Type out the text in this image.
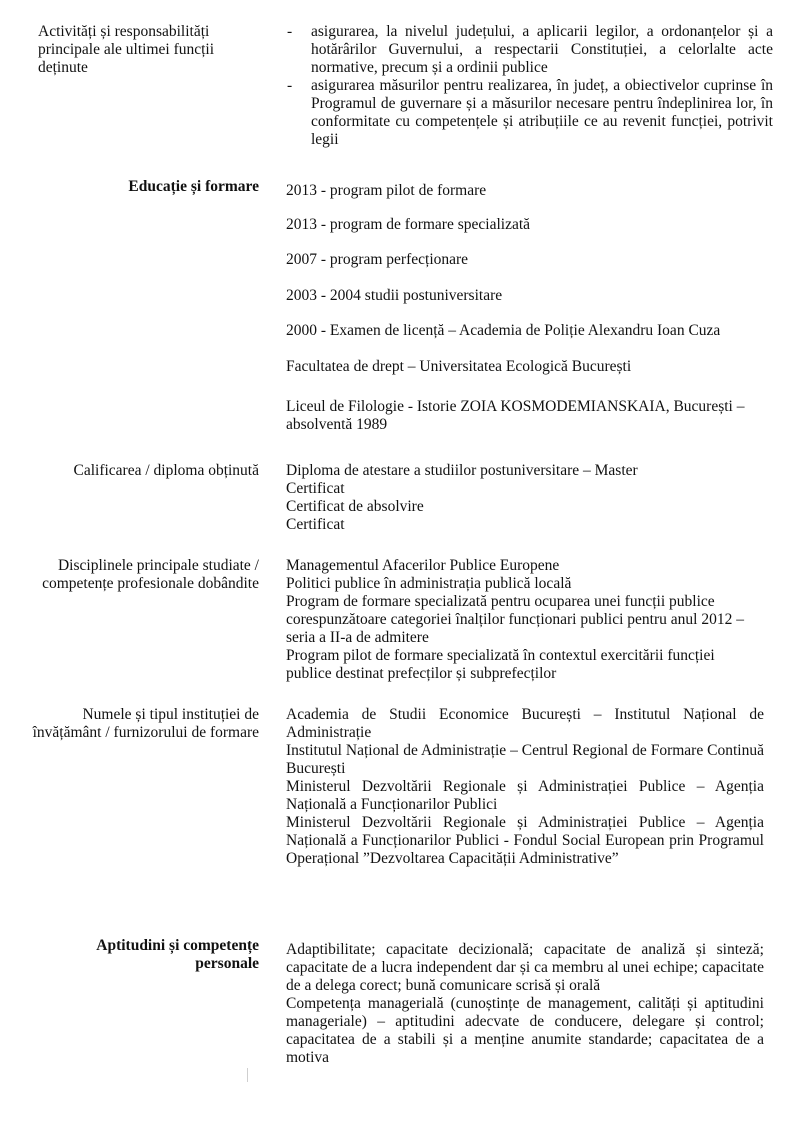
Activități și responsabilități principale ale ultimei funcții deținute
- asigurarea, la nivelul județului, a aplicarii legilor, a ordonanțelor și a hotărârilor Guvernului, a respectarii Constituției, a celorlalte acte normative, precum și a ordinii publice
- asigurarea măsurilor pentru realizarea, în județ, a obiectivelor cuprinse în Programul de guvernare și a măsurilor necesare pentru îndeplinirea lor, în conformitate cu competențele și atribuțiile ce au revenit funcției, potrivit legii
Educație și formare 2013 - program pilot de formare
2013 - program de formare specializată
2007 - program perfecționare
2003 - 2004 studii postuniversitare
2000 - Examen de licență – Academia de Poliție Alexandru Ioan Cuza
Facultatea de drept – Universitatea Ecologică București
Liceul de Filologie - Istorie ZOIA KOSMODEMIANSKAIA, București – absolventă 1989
Calificarea / diploma obținută Diploma de atestare a studiilor postuniversitare – Master
Certificat
Certificat de absolvire
Certificat
Disciplinele principale studiate / competențe profesionale dobândite
Managementul Afacerilor Publice Europene
Politici publice în administrația publică locală
Program de formare specializată pentru ocuparea unei funcții publice corespunzătoare categoriei înalților funcționari publici pentru anul 2012 – seria a II-a de admitere
Program pilot de formare specializată în contextul exercitării funcției publice destinat prefecților și subprefecților
Numele și tipul instituției de învățământ / furnizorului de formare
Academia de Studii Economice București – Institutul Național de Administrație
Institutul Național de Administrație – Centrul Regional de Formare Continuă București
Ministerul Dezvoltării Regionale și Administrației Publice – Agenția Națională a Funcționarilor Publici
Ministerul Dezvoltării Regionale și Administrației Publice – Agenția Națională a Funcționarilor Publici - Fondul Social European prin Programul Operațional ”Dezvoltarea Capacității Administrative”
Aptitudini și competențe personale
Adaptibilitate; capacitate decizională; capacitate de analiză și sinteză; capacitate de a lucra independent dar și ca membru al unei echipe; capacitate de a delega corect; bună comunicare scrisă și orală
Competența managerială (cunoștințe de management, calități și aptitudini manageriale) – aptitudini adecvate de conducere, delegare și control; capacitatea de a stabili și a menține anumite standarde; capacitatea de a motiva
